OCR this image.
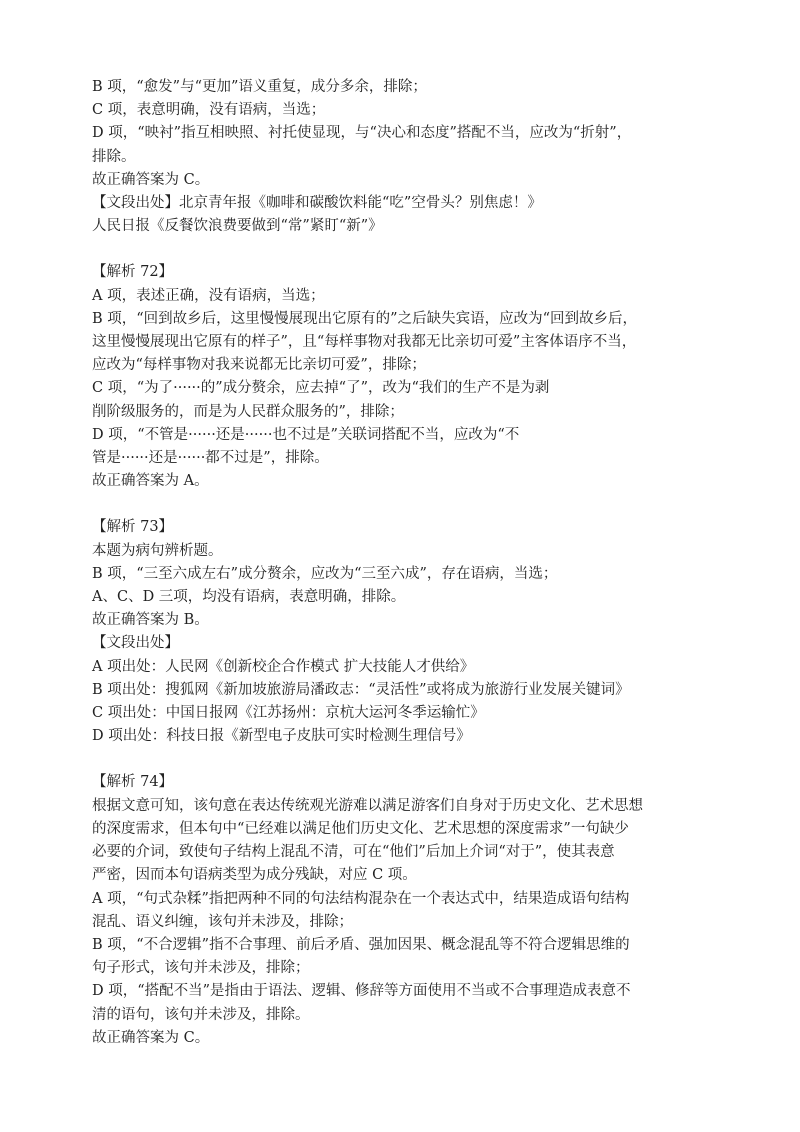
B 项，“愈发”与“更加”语义重复，成分多余，排除；
C 项，表意明确，没有语病，当选；
D 项，“映衬”指互相映照、衬托使显现，与“决心和态度”搭配不当，应改为“折射”，
排除。
故正确答案为 C。
【文段出处】北京青年报《咖啡和碳酸饮料能“吃”空骨头？别焦虑！》
人民日报《反餐饮浪费要做到“常”紧盯“新”》
【解析 72】
A 项，表述正确，没有语病，当选；
B 项，“回到故乡后，这里慢慢展现出它原有的”之后缺失宾语，应改为“回到故乡后，
这里慢慢展现出它原有的样子”，且“每样事物对我都无比亲切可爱”主客体语序不当，
应改为“每样事物对我来说都无比亲切可爱”，排除；
C 项，“为了······的”成分赘余，应去掉“了”，改为“我们的生产不是为剥
削阶级服务的，而是为人民群众服务的”，排除；
D 项，“不管是······还是······也不过是”关联词搭配不当，应改为“不
管是······还是······都不过是”，排除。
故正确答案为 A。
【解析 73】
本题为病句辨析题。
B 项，“三至六成左右”成分赘余，应改为“三至六成”，存在语病，当选；
A、C、D 三项，均没有语病，表意明确，排除。
故正确答案为 B。
【文段出处】
A 项出处：人民网《创新校企合作模式 扩大技能人才供给》
B 项出处：搜狐网《新加坡旅游局潘政志：“灵活性”或将成为旅游行业发展关键词》
C 项出处：中国日报网《江苏扬州：京杭大运河冬季运输忙》
D 项出处：科技日报《新型电子皮肤可实时检测生理信号》
【解析 74】
根据文意可知，该句意在表达传统观光游难以满足游客们自身对于历史文化、艺术思想
的深度需求，但本句中“已经难以满足他们历史文化、艺术思想的深度需求”一句缺少
必要的介词，致使句子结构上混乱不清，可在“他们”后加上介词“对于”，使其表意
严密，因而本句语病类型为成分残缺，对应 C 项。
A 项，“句式杂糅”指把两种不同的句法结构混杂在一个表达式中，结果造成语句结构
混乱、语义纠缠，该句并未涉及，排除；
B 项，“不合逻辑”指不合事理、前后矛盾、强加因果、概念混乱等不符合逻辑思维的
句子形式，该句并未涉及，排除；
D 项，“搭配不当”是指由于语法、逻辑、修辞等方面使用不当或不合事理造成表意不
清的语句，该句并未涉及，排除。
故正确答案为 C。
